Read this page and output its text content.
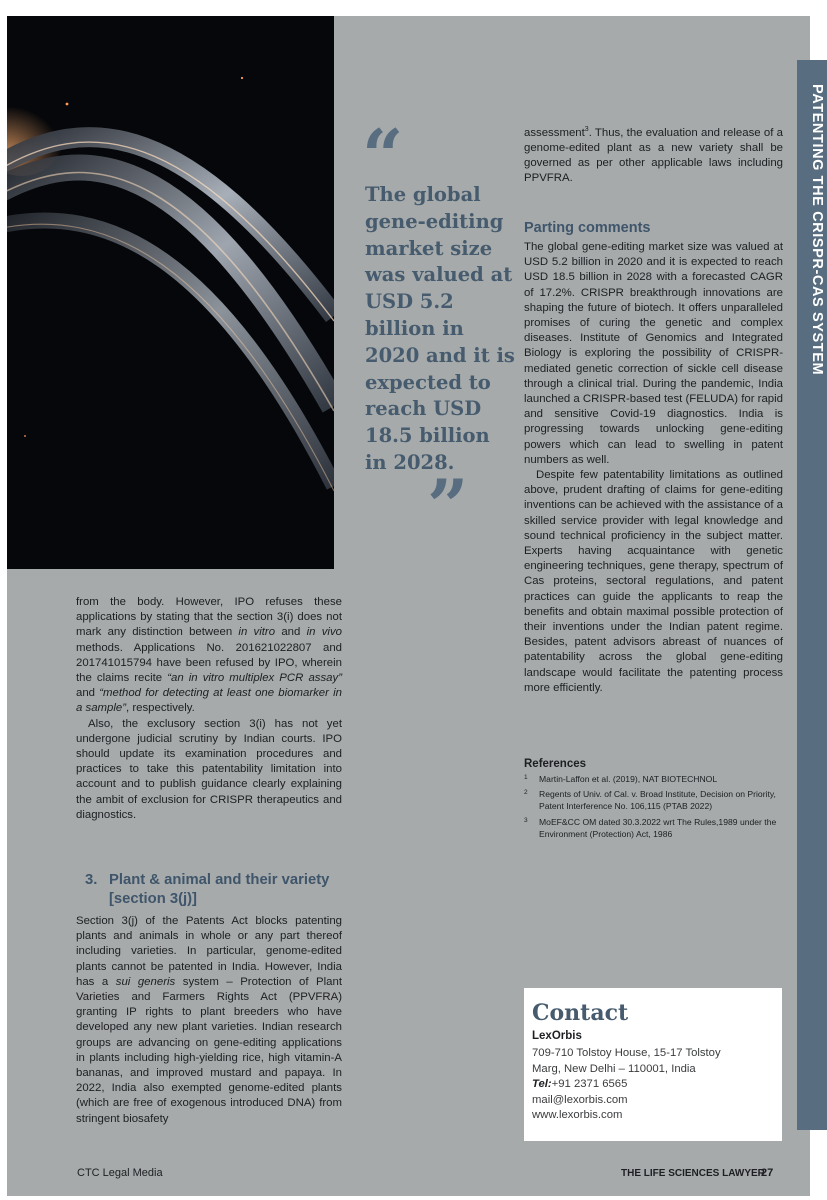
“
The global gene-editing market size was valued at USD 5.2 billion in 2020 and it is expected to reach USD 18.5 billion in 2028.
”

from the body. However, IPO refuses these applications by stating that the section 3(i) does not mark any distinction between in vitro and in vivo methods. Applications No. 201621022807 and 201741015794 have been refused by IPO, wherein the claims recite “an in vitro multiplex PCR assay” and “method for detecting at least one biomarker in a sample”, respectively.

Also, the exclusory section 3(i) has not yet undergone judicial scrutiny by Indian courts. IPO should update its examination procedures and practices to take this patentability limitation into account and to publish guidance clearly explaining the ambit of exclusion for CRISPR therapeutics and diagnostics.

3. Plant & animal and their variety [section 3(j)]

Section 3(j) of the Patents Act blocks patenting plants and animals in whole or any part thereof including varieties. In particular, genome-edited plants cannot be patented in India. However, India has a sui generis system – Protection of Plant Varieties and Farmers Rights Act (PPVFRA) granting IP rights to plant breeders who have developed any new plant varieties. Indian research groups are advancing on gene-editing applications in plants including high-yielding rice, high vitamin-A bananas, and improved mustard and papaya. In 2022, India also exempted genome-edited plants (which are free of exogenous introduced DNA) from stringent biosafety

assessment$^3$. Thus, the evaluation and release of a genome-edited plant as a new variety shall be governed as per other applicable laws including PPVFRA.

Parting comments

The global gene-editing market size was valued at USD 5.2 billion in 2020 and it is expected to reach USD 18.5 billion in 2028 with a forecasted CAGR of 17.2%. CRISPR breakthrough innovations are shaping the future of biotech. It offers unparalleled promises of curing the genetic and complex diseases. Institute of Genomics and Integrated Biology is exploring the possibility of CRISPR-mediated genetic correction of sickle cell disease through a clinical trial. During the pandemic, India launched a CRISPR-based test (FELUDA) for rapid and sensitive Covid-19 diagnostics. India is progressing towards unlocking gene-editing powers which can lead to swelling in patent numbers as well.

Despite few patentability limitations as outlined above, prudent drafting of claims for gene-editing inventions can be achieved with the assistance of a skilled service provider with legal knowledge and sound technical proficiency in the subject matter. Experts having acquaintance with genetic engineering techniques, gene therapy, spectrum of Cas proteins, sectoral regulations, and patent practices can guide the applicants to reap the benefits and obtain maximal possible protection of their inventions under the Indian patent regime. Besides, patent advisors abreast of nuances of patentability across the global gene-editing landscape would facilitate the patenting process more efficiently.

References
1 Martin-Laffon et al. (2019), NAT BIOTECHNOL
2 Regents of Univ. of Cal. v. Broad Institute, Decision on Priority, Patent Interference No. 106,115 (PTAB 2022)
3 MoEF&CC OM dated 30.3.2022 wrt The Rules,1989 under the Environment (Protection) Act, 1986
Contact
LexOrbis
709-710 Tolstoy House, 15-17 Tolstoy
Marg, New Delhi – 110001, India
Tel:+91 2371 6565
mail@lexorbis.com
www.lexorbis.com
CTC Legal Media	THE LIFE SCIENCES LAWYER
27
PATENTING THE CRISPR-CAS SYSTEM
